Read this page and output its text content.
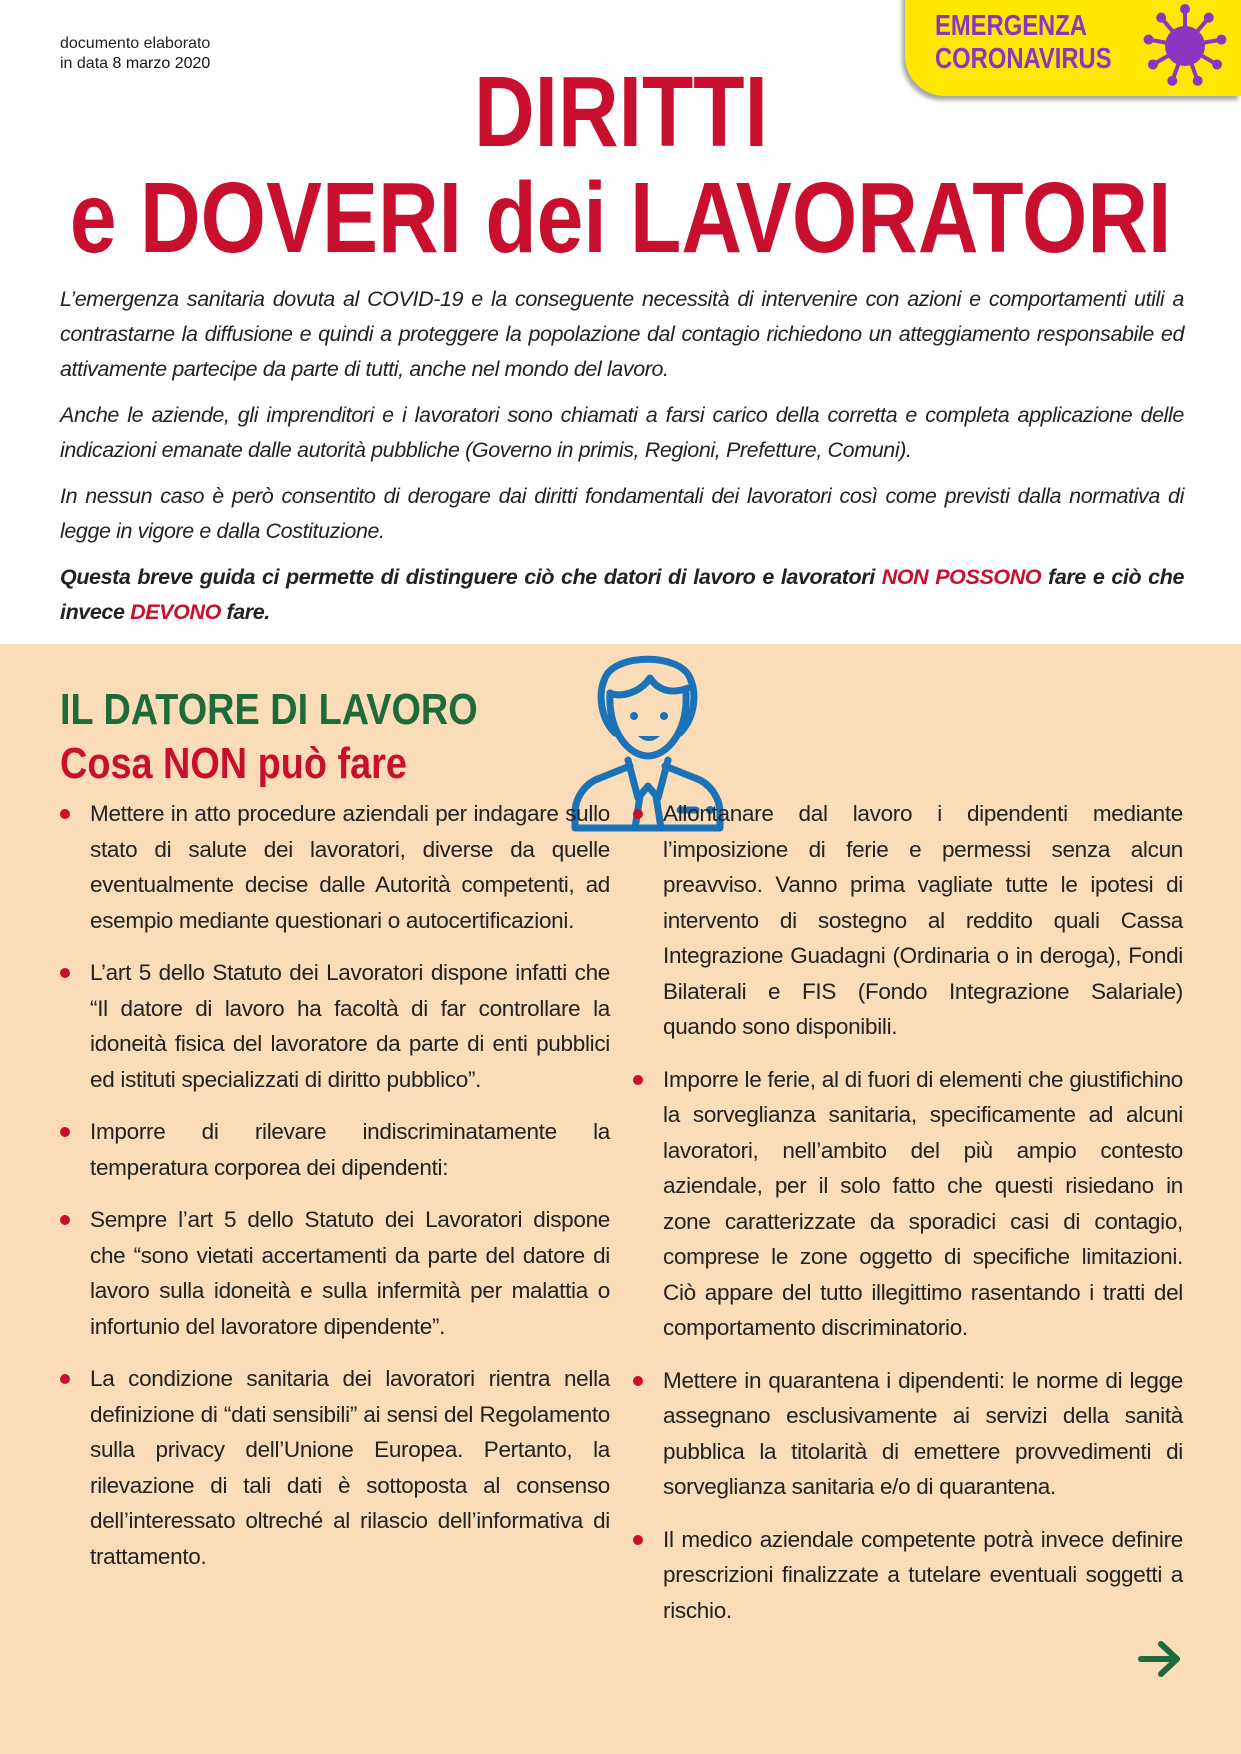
documento elaborato
in data 8 marzo 2020
EMERGENZA
CORONAVIRUS
DIRITTI
e DOVERI dei LAVORATORI

L’emergenza sanitaria dovuta al COVID-19 e la conseguente necessità di intervenire con azioni e comportamenti utili a contrastarne la diffusione e quindi a proteggere la popolazione dal contagio richiedono un atteggiamento responsabile ed attivamente partecipe da parte di tutti, anche nel mondo del lavoro.

Anche le aziende, gli imprenditori e i lavoratori sono chiamati a farsi carico della corretta e completa applicazione delle indicazioni emanate dalle autorità pubbliche (Governo in primis, Regioni, Prefetture, Comuni).

In nessun caso è però consentito di derogare dai diritti fondamentali dei lavoratori così come previsti dalla normativa di legge in vigore e dalla Costituzione.

Questa breve guida ci permette di distinguere ciò che datori di lavoro e lavoratori NON POSSONO fare e ciò che invece DEVONO fare.

IL DATORE DI LAVORO
Cosa NON può fare
Mettere in atto procedure aziendali per indagare sullo stato di salute dei lavoratori, diverse da quelle eventualmente decise dalle Autorità competenti, ad esempio mediante questionari o autocertificazioni.
L’art 5 dello Statuto dei Lavoratori dispone infatti che “Il datore di lavoro ha facoltà di far controllare la idoneità fisica del lavoratore da parte di enti pubblici ed istituti specializzati di diritto pubblico”.
Imporre di rilevare indiscriminatamente la temperatura corporea dei dipendenti:
Sempre l’art 5 dello Statuto dei Lavoratori dispone che “sono vietati accertamenti da parte del datore di lavoro sulla idoneità e sulla infermità per malattia o infortunio del lavoratore dipendente”.
La condizione sanitaria dei lavoratori rientra nella definizione di “dati sensibili” ai sensi del Regolamento sulla privacy dell’Unione Europea. Pertanto, la rilevazione di tali dati è sottoposta al consenso dell’interessato oltreché al rilascio dell’informativa di trattamento.
Allontanare dal lavoro i dipendenti mediante l’imposizione di ferie e permessi senza alcun preavviso. Vanno prima vagliate tutte le ipotesi di intervento di sostegno al reddito quali Cassa Integrazione Guadagni (Ordinaria o in deroga), Fondi Bilaterali e FIS (Fondo Integrazione Salariale) quando sono disponibili.
Imporre le ferie, al di fuori di elementi che giustifichino la sorveglianza sanitaria, specificamente ad alcuni lavoratori, nell’ambito del più ampio contesto aziendale, per il solo fatto che questi risiedano in zone caratterizzate da sporadici casi di contagio, comprese le zone oggetto di specifiche limitazioni. Ciò appare del tutto illegittimo rasentando i tratti del comportamento discriminatorio.
Mettere in quarantena i dipendenti: le norme di legge assegnano esclusivamente ai servizi della sanità pubblica la titolarità di emettere provvedimenti di sorveglianza sanitaria e/o di quarantena.
Il medico aziendale competente potrà invece definire prescrizioni finalizzate a tutelare eventuali soggetti a rischio.
